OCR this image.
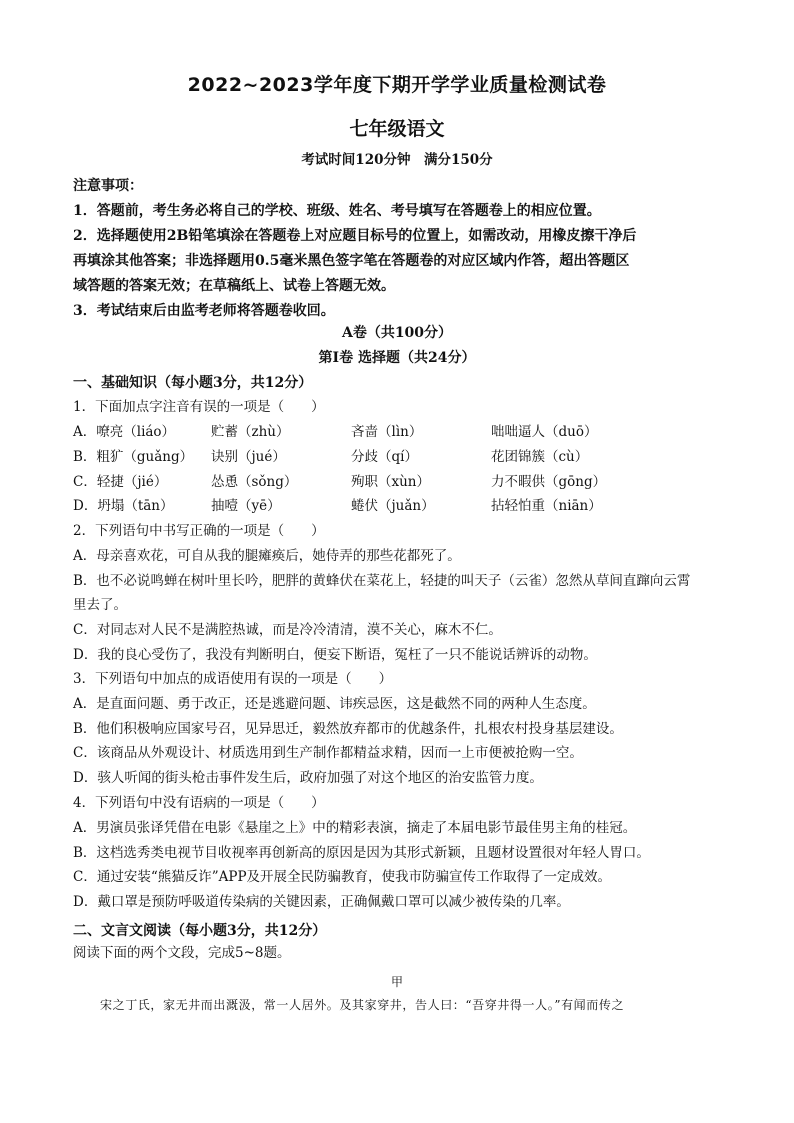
2022~2023学年度下期开学学业质量检测试卷
七年级语文
考试时间120分钟　满分150分
注意事项：
1．答题前，考生务必将自己的学校、班级、姓名、考号填写在答题卷上的相应位置。
2．选择题使用2B铅笔填涂在答题卷上对应题目标号的位置上，如需改动，用橡皮擦干净后
再填涂其他答案；非选择题用0.5毫米黑色签字笔在答题卷的对应区域内作答，超出答题区
域答题的答案无效；在草稿纸上、试卷上答题无效。
3．考试结束后由监考老师将答题卷收回。
A卷（共100分）
第Ⅰ卷 选择题（共24分）
一、基础知识（每小题3分，共12分）
1．下面加点字注音有误的一项是（　　）
A．嘹亮（liáo）	贮蓄（zhù）	吝啬（lìn）	咄咄逼人（duō）
B．粗犷（guǎng） 诀别（jué）	分歧（qí）	花团锦簇（cù）
C．轻捷（jié）	怂恿（sǒng）	殉职（xùn）	力不暇供（gōng）
D．坍塌（tān）	抽噎（yē）	蜷伏（juǎn）	拈轻怕重（niān）
2．下列语句中书写正确的一项是（　　）
A．母亲喜欢花，可自从我的腿瘫痪后，她侍弄的那些花都死了。
B．也不必说鸣蝉在树叶里长吟，肥胖的黄蜂伏在菜花上，轻捷的叫天子（云雀）忽然从草间直蹿向云霄
里去了。
C．对同志对人民不是满腔热诚，而是冷冷清清，漠不关心，麻木不仁。
D．我的良心受伤了，我没有判断明白，便妄下断语，冤枉了一只不能说话辨诉的动物。
3．下列语句中加点的成语使用有误的一项是（　　）
A．是直面问题、勇于改正，还是逃避问题、讳疾忌医，这是截然不同的两种人生态度。
B．他们积极响应国家号召，见异思迁，毅然放弃都市的优越条件，扎根农村投身基层建设。
C．该商品从外观设计、材质选用到生产制作都精益求精，因而一上市便被抢购一空。
D．骇人听闻的街头枪击事件发生后，政府加强了对这个地区的治安监管力度。
4．下列语句中没有语病的一项是（　　）
A．男演员张译凭借在电影《悬崖之上》中的精彩表演，摘走了本届电影节最佳男主角的桂冠。
B．这档选秀类电视节目收视率再创新高的原因是因为其形式新颖，且题材设置很对年轻人胃口。
C．通过安装“熊猫反诈”APP及开展全民防骗教育，使我市防骗宣传工作取得了一定成效。
D．戴口罩是预防呼吸道传染病的关键因素，正确佩戴口罩可以减少被传染的几率。
二、文言文阅读（每小题3分，共12分）
阅读下面的两个文段，完成5~8题。
甲
宋之丁氏，家无井而出溉汲，常一人居外。及其家穿井，告人曰：“吾穿井得一人。”有闻而传之
